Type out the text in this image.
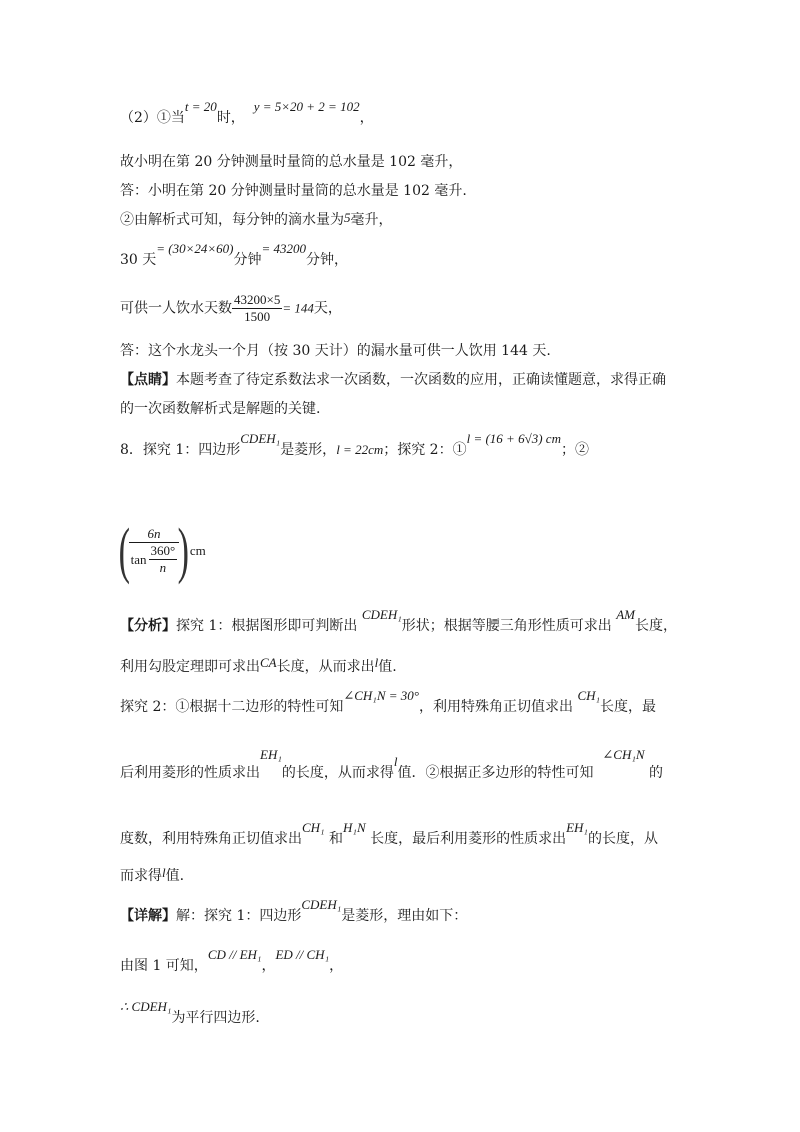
（2）①当t = 20时，  y = 5×20 + 2 = 102，
故小明在第 20 分钟测量时量筒的总水量是 102 毫升，
答：小明在第 20 分钟测量时量筒的总水量是 102 毫升.
②由解析式可知，每分钟的滴水量为5毫升，
30 天= (30×24×60)分钟= 43200分钟，
可供一人饮水天数 $\frac{43200\times 5}{1500} = 144$天，
答：这个水龙头一个月（按 30 天计）的漏水量可供一人饮用 144 天.
【点睛】本题考查了待定系数法求一次函数，一次函数的应用，正确读懂题意，求得正确
的一次函数解析式是解题的关键.
8．探究 1：四边形CDEH₁是菱形，l = 22cm；探究 2：①l = (16 + 6√3) cm；②
(
$\frac{6n}{\tan \frac{360^\circ}{n}}$
) cm
【分析】探究 1：根据图形即可判断出 CDEH₁形状；根据等腰三角形性质可求出 AM长度，
利用勾股定理即可求出CA长度，从而求出l值.
探究 2：①根据十二边形的特性可知∠CH₁N = 30°，利用特殊角正切值求出 CH₁长度，最
后利用菱形的性质求出EH₁的长度，从而求得l值．②根据正多边形的特性可知  ∠CH₁N 的
度数，利用特殊角正切值求出CH₁ 和H₁N 长度，最后利用菱形的性质求出EH₁的长度，从
而求得l值.
【详解】解：探究 1：四边形CDEH₁是菱形，理由如下：
由图 1 可知，CD // EH₁，ED // CH₁，
∴ CDEH₁为平行四边形.
